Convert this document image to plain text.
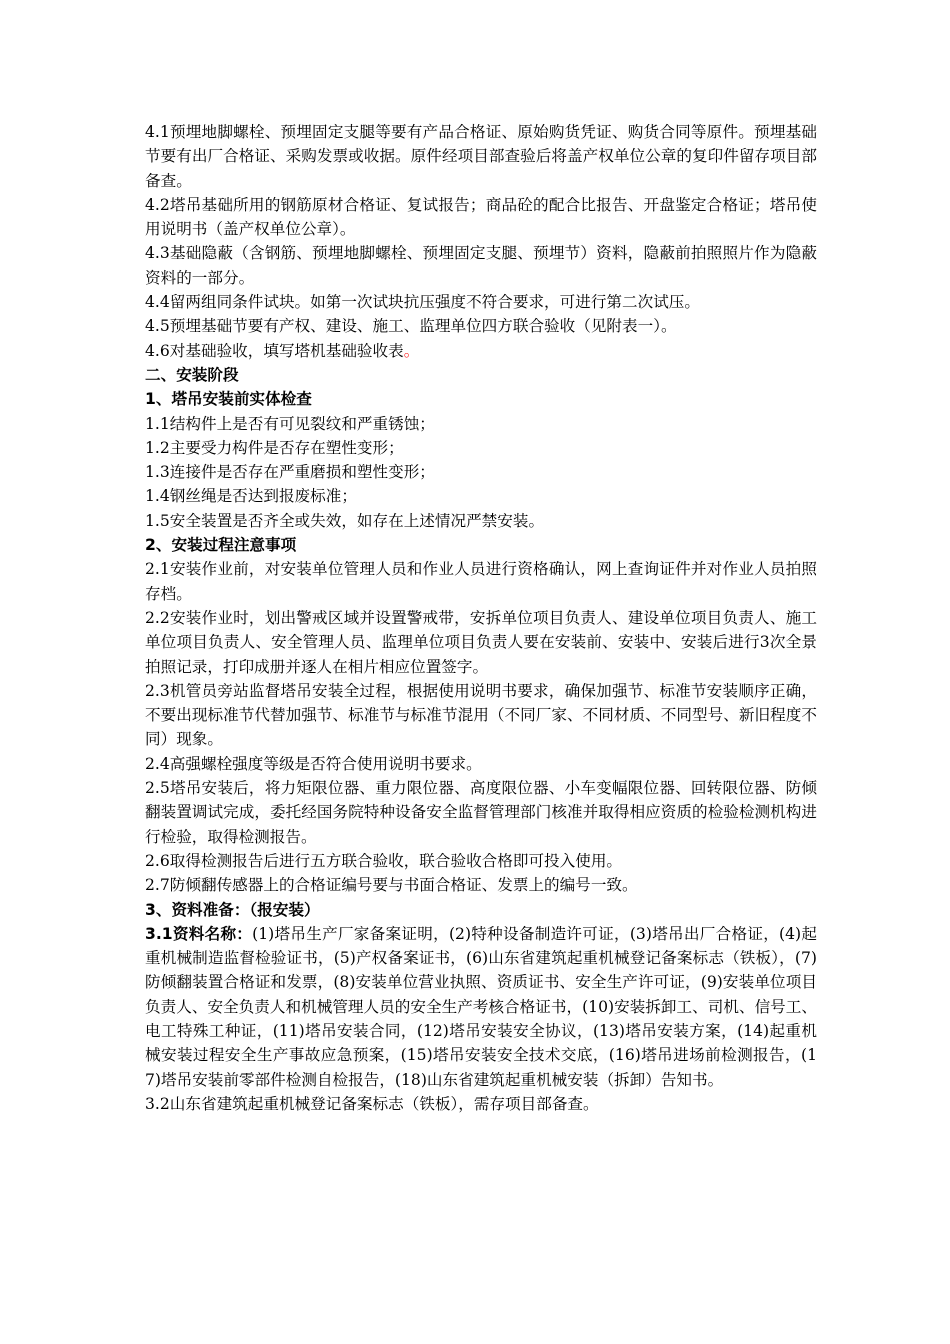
4.1预埋地脚螺栓、预埋固定支腿等要有产品合格证、原始购货凭证、购货合同等原件。预埋基础节要有出厂合格证、采购发票或收据。原件经项目部查验后将盖产权单位公章的复印件留存项目部备查。

4.2塔吊基础所用的钢筋原材合格证、复试报告；商品砼的配合比报告、开盘鉴定合格证；塔吊使用说明书（盖产权单位公章）。

4.3基础隐蔽（含钢筋、预埋地脚螺栓、预埋固定支腿、预埋节）资料，隐蔽前拍照照片作为隐蔽资料的一部分。

4.4留两组同条件试块。如第一次试块抗压强度不符合要求，可进行第二次试压。

4.5预埋基础节要有产权、建设、施工、监理单位四方联合验收（见附表一）。

4.6对基础验收，填写塔机基础验收表。

二、安装阶段

1、塔吊安装前实体检查

1.1结构件上是否有可见裂纹和严重锈蚀；

1.2主要受力构件是否存在塑性变形；

1.3连接件是否存在严重磨损和塑性变形；

1.4钢丝绳是否达到报废标准；

1.5安全装置是否齐全或失效，如存在上述情况严禁安装。

2、安装过程注意事项

2.1安装作业前，对安装单位管理人员和作业人员进行资格确认，网上查询证件并对作业人员拍照存档。

2.2安装作业时，划出警戒区域并设置警戒带，安拆单位项目负责人、建设单位项目负责人、施工单位项目负责人、安全管理人员、监理单位项目负责人要在安装前、安装中、安装后进行3次全景拍照记录，打印成册并逐人在相片相应位置签字。

2.3机管员旁站监督塔吊安装全过程，根据使用说明书要求，确保加强节、标准节安装顺序正确，不要出现标准节代替加强节、标准节与标准节混用（不同厂家、不同材质、不同型号、新旧程度不同）现象。

2.4高强螺栓强度等级是否符合使用说明书要求。

2.5塔吊安装后，将力矩限位器、重力限位器、高度限位器、小车变幅限位器、回转限位器、防倾翻装置调试完成，委托经国务院特种设备安全监督管理部门核准并取得相应资质的检验检测机构进行检验，取得检测报告。

2.6取得检测报告后进行五方联合验收，联合验收合格即可投入使用。

2.7防倾翻传感器上的合格证编号要与书面合格证、发票上的编号一致。

3、资料准备：（报安装）

3.1资料名称：(1)塔吊生产厂家备案证明，(2)特种设备制造许可证，(3)塔吊出厂合格证，(4)起重机械制造监督检验证书，(5)产权备案证书，(6)山东省建筑起重机械登记备案标志（铁板），(7)防倾翻装置合格证和发票，(8)安装单位营业执照、资质证书、安全生产许可证，(9)安装单位项目负责人、安全负责人和机械管理人员的安全生产考核合格证书，(10)安装拆卸工、司机、信号工、电工特殊工种证，(11)塔吊安装合同，(12)塔吊安装安全协议，(13)塔吊安装方案，(14)起重机械安装过程安全生产事故应急预案，(15)塔吊安装安全技术交底，(16)塔吊进场前检测报告，(17)塔吊安装前零部件检测自检报告，(18)山东省建筑起重机械安装（拆卸）告知书。

3.2山东省建筑起重机械登记备案标志（铁板），需存项目部备查。
